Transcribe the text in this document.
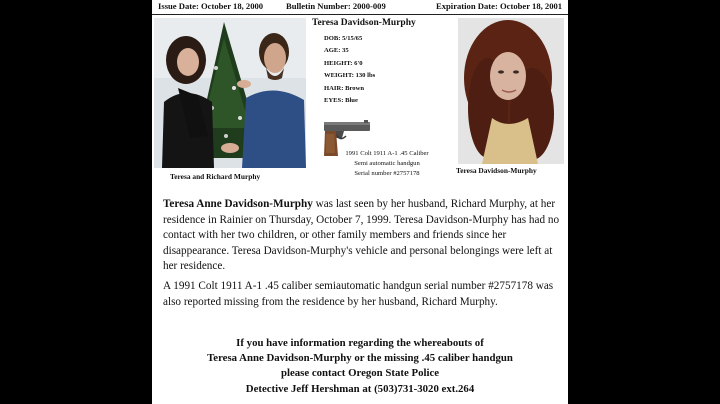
Issue Date: October 18, 2000	Bulletin Number: 2000-009	Expiration Date: October 18, 2001
Teresa and Richard Murphy
Teresa Davidson-Murphy
DOB: 5/15/65
AGE: 35
HEIGHT: 6'0
WEIGHT: 130 lbs
HAIR: Brown
EYES: Blue
1991 Colt 1911 A-1 .45 Caliber
Semi automatic handgun
Serial number #2757178	Teresa Davidson-Murphy

Teresa Anne Davidson-Murphy was last seen by her husband, Richard Murphy, at her residence in Rainier on Thursday, October 7, 1999. Teresa Davidson-Murphy has had no contact with her two children, or other family members and friends since her disappearance. Teresa Davidson-Murphy's vehicle and personal belongings were left at her residence.

A 1991 Colt 1911 A-1 .45 caliber semiautomatic handgun serial number #2757178 was also reported missing from the residence by her husband, Richard Murphy.

If you have information regarding the whereabouts of
Teresa Anne Davidson-Murphy or the missing .45 caliber handgun
please contact Oregon State Police
Detective Jeff Hershman at (503)731-3020 ext.264
